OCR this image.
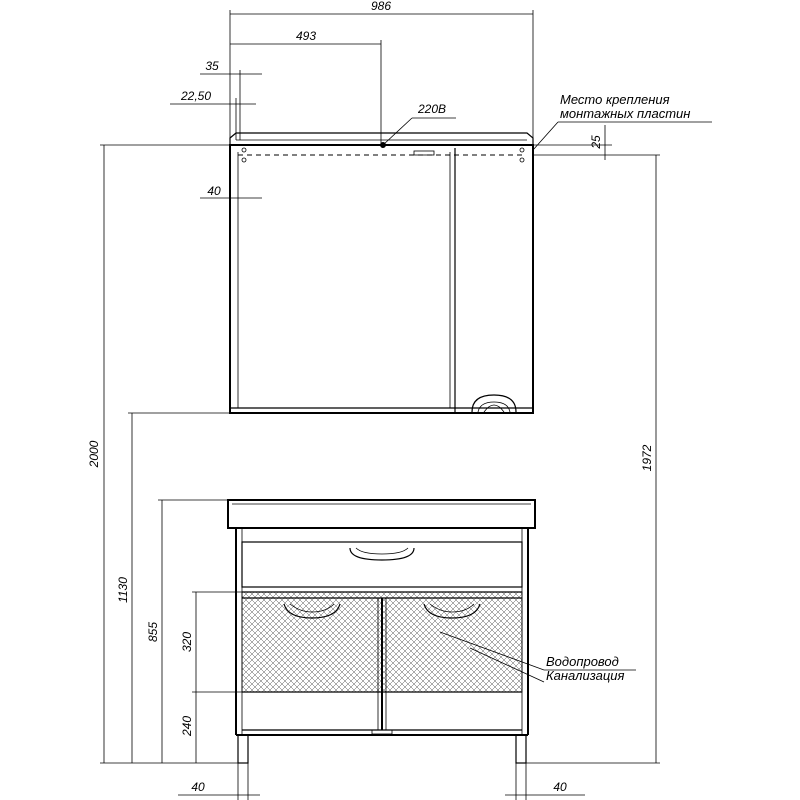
986
493
35
22,50
40
220В
Место крепления
монтажных пластин
25
2000	1972
1130
855 320
240
40	40
Водопровод
Канализация
